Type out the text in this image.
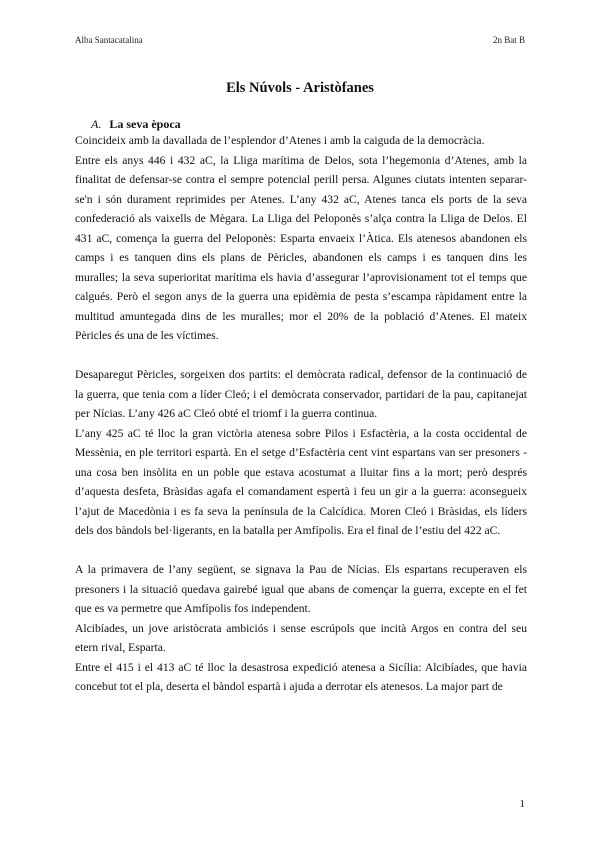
Alba Santacatalina	2n Bat B
Els Núvols - Aristòfanes
A. La seva època

Coincideix amb la davallada de l’esplendor d’Atenes i amb la caiguda de la democràcia.

Entre els anys 446 i 432 aC, la Lliga marítima de Delos, sota l’hegemonia d’Atenes, amb la finalitat de defensar-se contra el sempre potencial perill persa. Algunes ciutats intenten separar-se'n i són durament reprimides per Atenes. L’any 432 aC, Atenes tanca els ports de la seva confederació als vaixells de Mègara. La Lliga del Peloponès s’alça contra la Lliga de Delos. El 431 aC, comença la guerra del Peloponès: Esparta envaeix l’Àtica. Els atenesos abandonen els camps i es tanquen dins els plans de Pèricles, abandonen els camps i es tanquen dins les muralles; la seva superioritat marítima els havia d’assegurar l’aprovisionament tot el temps que calgués. Però el segon anys de la guerra una epidèmia de pesta s’escampa ràpidament entre la multitud amuntegada dins de les muralles; mor el 20% de la població d’Atenes. El mateix Pèricles és una de les víctimes.

Desaparegut Pèricles, sorgeixen dos partits: el demòcrata radical, defensor de la continuació de la guerra, que tenia com a líder Cleó; i el demòcrata conservador, partidari de la pau, capitanejat per Nícias. L’any 426 aC Cleó obté el triomf i la guerra continua.

L’any 425 aC té lloc la gran victòria atenesa sobre Pilos i Esfactèria, a la costa occidental de Messènia, en ple territori espartà. En el setge d’Esfactèria cent vint espartans van ser presoners - una cosa ben insòlita en un poble que estava acostumat a lluitar fins a la mort; però després d’aquesta desfeta, Bràsidas agafa el comandament espertà i feu un gir a la guerra: aconsegueix l’ajut de Macedònia i es fa seva la península de la Calcídica. Moren Cleó i Bràsidas, els líders dels dos bàndols bel·ligerants, en la batalla per Amfípolis. Era el final de l’estiu del 422 aC.

A la primavera de l’any següent, se signava la Pau de Nícias. Els espartans recuperaven els presoners i la situació quedava gairebé igual que abans de començar la guerra, excepte en el fet que es va permetre que Amfípolis fos independent.

Alcibíades, un jove aristòcrata ambiciós i sense escrúpols que incità Argos en contra del seu etern rival, Esparta.

Entre el 415 i el 413 aC té lloc la desastrosa expedició atenesa a Sicília: Alcibíades, que havia concebut tot el pla, deserta el bàndol espartà i ajuda a derrotar els atenesos. La major part de

1
